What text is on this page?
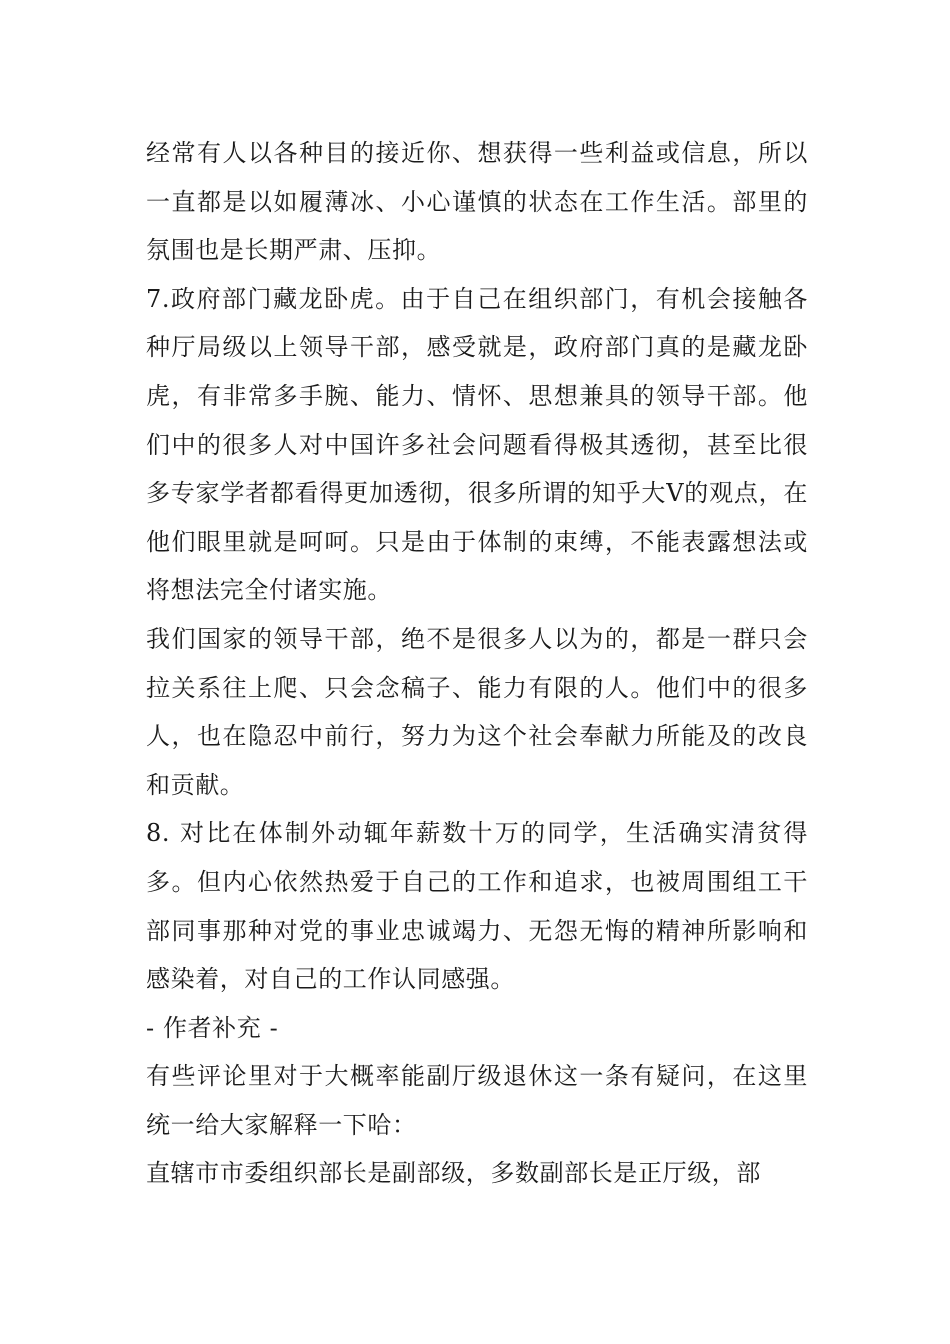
经常有人以各种目的接近你、想获得一些利益或信息，所以一直都是以如履薄冰、小心谨慎的状态在工作生活。部里的氛围也是长期严肃、压抑。

7.政府部门藏龙卧虎。由于自己在组织部门，有机会接触各种厅局级以上领导干部，感受就是，政府部门真的是藏龙卧虎，有非常多手腕、能力、情怀、思想兼具的领导干部。他们中的很多人对中国许多社会问题看得极其透彻，甚至比很多专家学者都看得更加透彻，很多所谓的知乎大V的观点，在他们眼里就是呵呵。只是由于体制的束缚，不能表露想法或将想法完全付诸实施。

我们国家的领导干部，绝不是很多人以为的，都是一群只会拉关系往上爬、只会念稿子、能力有限的人。他们中的很多人，也在隐忍中前行，努力为这个社会奉献力所能及的改良和贡献。

8. 对比在体制外动辄年薪数十万的同学，生活确实清贫得多。但内心依然热爱于自己的工作和追求，也被周围组工干部同事那种对党的事业忠诚竭力、无怨无悔的精神所影响和感染着，对自己的工作认同感强。

- 作者补充 -

有些评论里对于大概率能副厅级退休这一条有疑问，在这里统一给大家解释一下哈：

直辖市市委组织部长是副部级，多数副部长是正厅级，部
